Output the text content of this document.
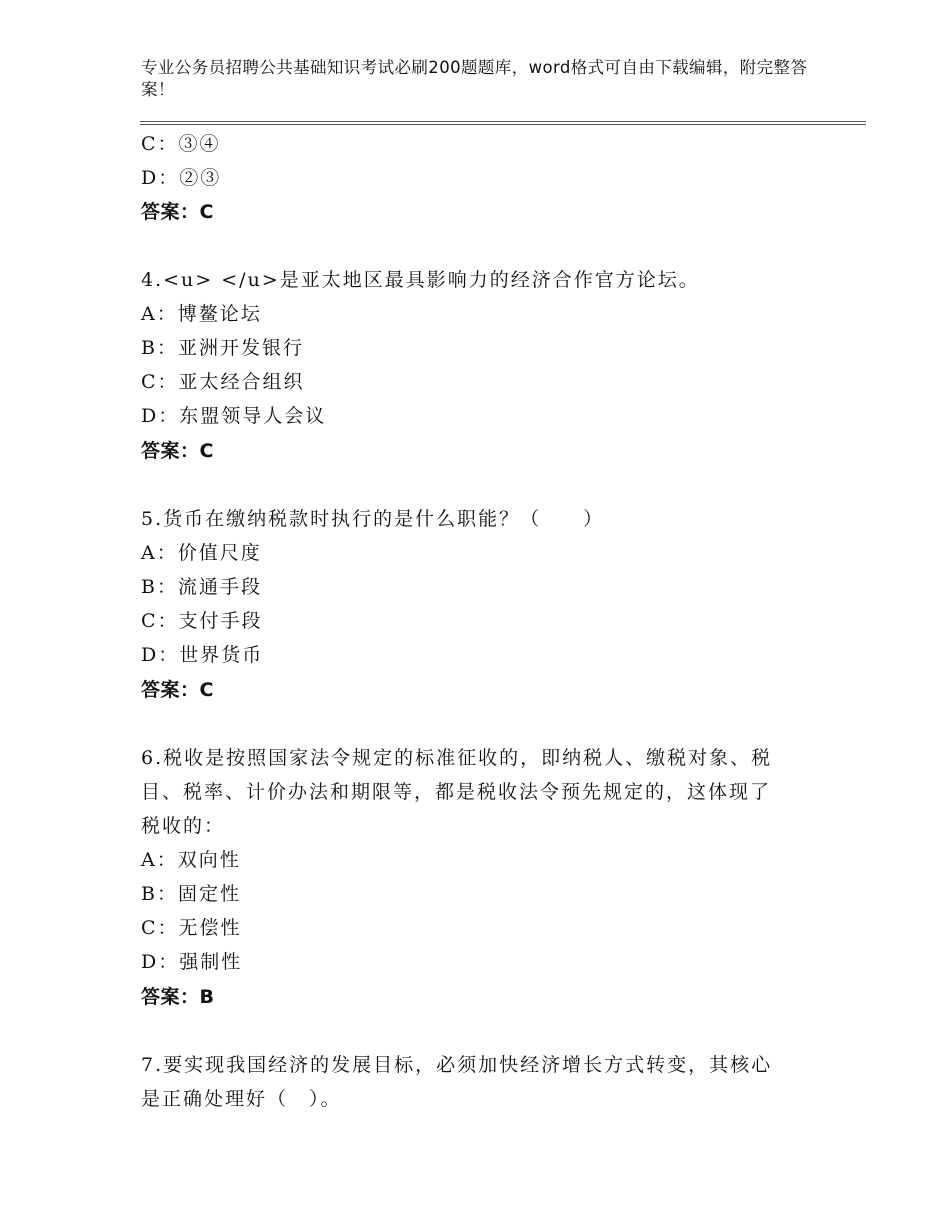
专业公务员招聘公共基础知识考试必刷200题题库，word格式可自由下载编辑，附完整答案！
C：③④
D：②③
答案：C
4.<u> </u>是亚太地区最具影响力的经济合作官方论坛。
A：博鳌论坛
B：亚洲开发银行
C：亚太经合组织
D：东盟领导人会议
答案：C
5.货币在缴纳税款时执行的是什么职能？（　　）
A：价值尺度
B：流通手段
C：支付手段
D：世界货币
答案：C
6.税收是按照国家法令规定的标准征收的，即纳税人、缴税对象、税
目、税率、计价办法和期限等，都是税收法令预先规定的，这体现了
税收的：
A：双向性
B：固定性
C：无偿性
D：强制性
答案：B
7.要实现我国经济的发展目标，必须加快经济增长方式转变，其核心
是正确处理好（　）。
